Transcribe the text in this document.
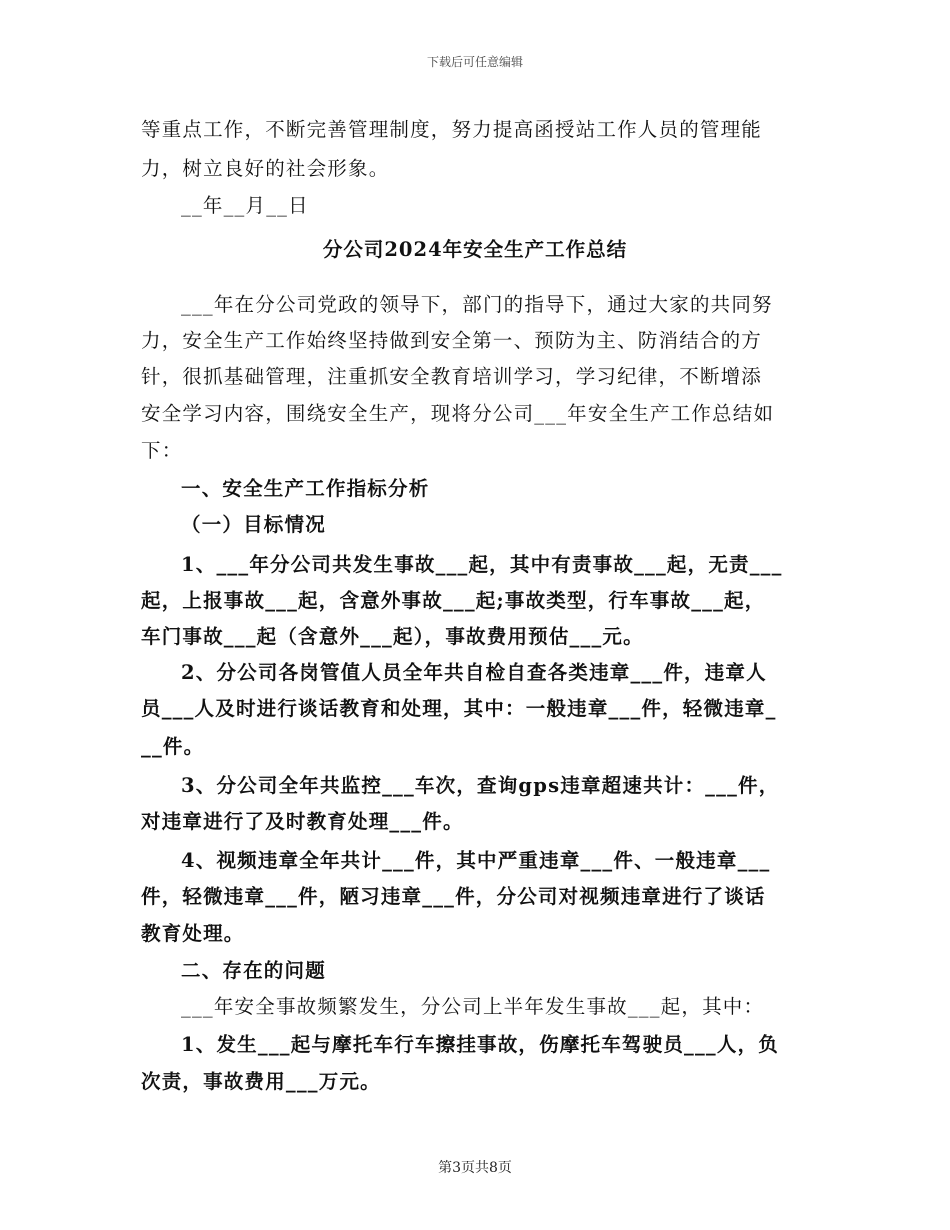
下载后可任意编辑
等重点工作，不断完善管理制度，努力提高函授站工作人员的管理能
力，树立良好的社会形象。
__年__月__日
分公司2024年安全生产工作总结
___年在分公司党政的领导下，部门的指导下，通过大家的共同努
力，安全生产工作始终坚持做到安全第一、预防为主、防消结合的方
针，很抓基础管理，注重抓安全教育培训学习，学习纪律，不断增添
安全学习内容，围绕安全生产，现将分公司___年安全生产工作总结如
下：
一、安全生产工作指标分析
（一）目标情况
1、___年分公司共发生事故___起，其中有责事故___起，无责___
起，上报事故___起，含意外事故___起;事故类型，行车事故___起，
车门事故___起（含意外___起），事故费用预估___元。
2、分公司各岗管值人员全年共自检自查各类违章___件，违章人
员___人及时进行谈话教育和处理，其中：一般违章___件，轻微违章_
__件。
3、分公司全年共监控___车次，查询gps违章超速共计：___件，
对违章进行了及时教育处理___件。
4、视频违章全年共计___件，其中严重违章___件、一般违章___
件，轻微违章___件，陋习违章___件，分公司对视频违章进行了谈话
教育处理。
二、存在的问题
___年安全事故频繁发生，分公司上半年发生事故___起，其中：
1、发生___起与摩托车行车擦挂事故，伤摩托车驾驶员___人，负
次责，事故费用___万元。
第3页共8页
